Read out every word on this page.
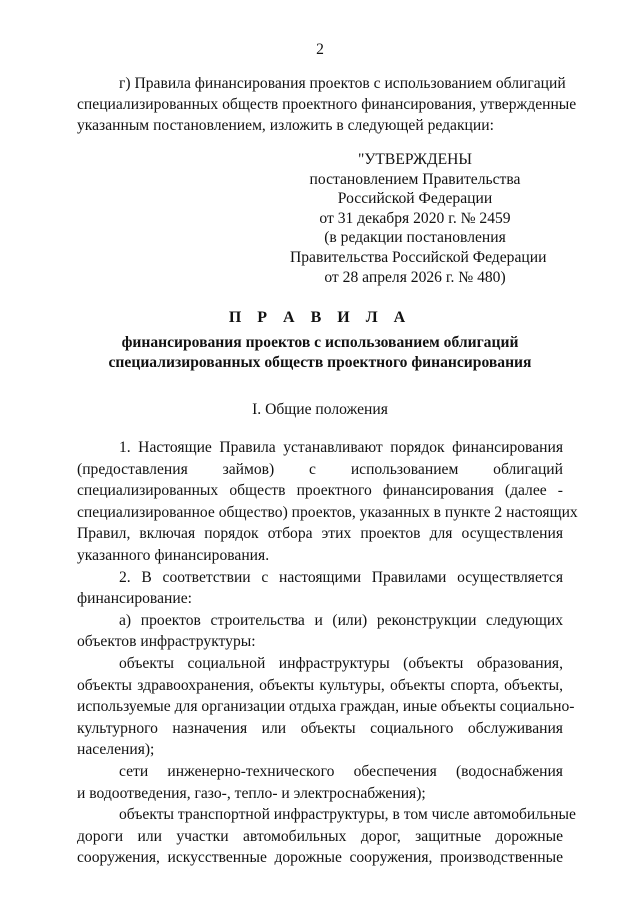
2
г) Правила финансирования проектов с использованием облигаций
специализированных обществ проектного финансирования, утвержденные
указанным постановлением, изложить в следующей редакции:
"УТВЕРЖДЕНЫ
постановлением Правительства
Российской Федерации
от 31 декабря 2020 г. № 2459
(в редакции постановления
Правительства Российской Федерации
от 28 апреля 2026 г. № 480)
П Р А В И Л А
финансирования проектов с использованием облигаций
специализированных обществ проектного финансирования
I. Общие положения
1. Настоящие Правила устанавливают порядок финансирования
(предоставления займов) с использованием облигаций
специализированных обществ проектного финансирования (далее -
специализированное общество) проектов, указанных в пункте 2 настоящих
Правил, включая порядок отбора этих проектов для осуществления
указанного финансирования.
2. В соответствии с настоящими Правилами осуществляется
финансирование:
а) проектов строительства и (или) реконструкции следующих
объектов инфраструктуры:
объекты социальной инфраструктуры (объекты образования,
объекты здравоохранения, объекты культуры, объекты спорта, объекты,
используемые для организации отдыха граждан, иные объекты социально-
культурного назначения или объекты социального обслуживания
населения);
сети инженерно-технического обеспечения (водоснабжения
и водоотведения, газо-, тепло- и электроснабжения);
объекты транспортной инфраструктуры, в том числе автомобильные
дороги или участки автомобильных дорог, защитные дорожные
сооружения, искусственные дорожные сооружения, производственные
